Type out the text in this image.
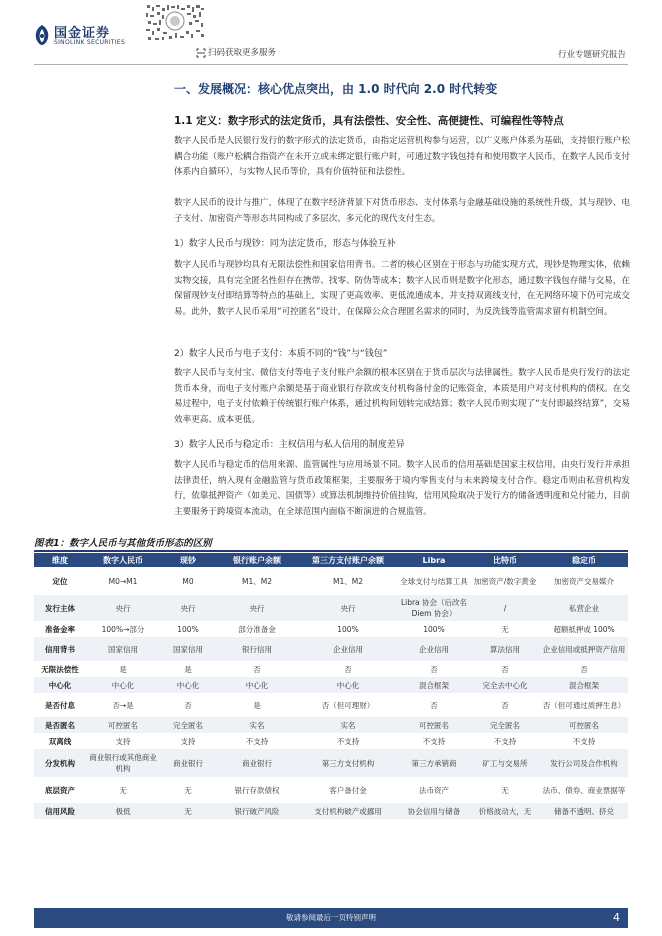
国金证券
SINOLINK SECURITIES
扫码获取更多服务	行业专题研究报告
一、发展概况：核心优点突出，由 1.0 时代向 2.0 时代转变
1.1 定义：数字形式的法定货币，具有法偿性、安全性、高便捷性、可编程性等特点

数字人民币是人民银行发行的数字形式的法定货币，由指定运营机构参与运营，以广义账户体系为基础，支持银行账户松耦合功能（账户松耦合指资产在未开立或未绑定银行账户时，可通过数字钱包持有和使用数字人民币，在数字人民币支付体系内自循环），与实物人民币等价，具有价值特征和法偿性。

数字人民币的设计与推广，体现了在数字经济背景下对货币形态、支付体系与金融基础设施的系统性升级，其与现钞、电子支付、加密资产等形态共同构成了多层次、多元化的现代支付生态。

1）数字人民币与现钞：同为法定货币，形态与体验互补

数字人民币与现钞均具有无限法偿性和国家信用背书。二者的核心区别在于形态与功能实现方式，现钞是物理实体，依赖实物交接，具有完全匿名性但存在携带、找零、防伪等成本；数字人民币则是数字化形态，通过数字钱包存储与交易，在保留现钞支付即结算等特点的基础上，实现了更高效率、更低流通成本，并支持双离线支付，在无网络环境下仍可完成交易。此外，数字人民币采用“可控匿名”设计，在保障公众合理匿名需求的同时，为反洗钱等监管需求留有机制空间。

2）数字人民币与电子支付：本质不同的“钱”与“钱包”

数字人民币与支付宝、微信支付等电子支付账户余额的根本区别在于货币层次与法律属性。数字人民币是央行发行的法定货币本身，而电子支付账户余额是基于商业银行存款或支付机构备付金的记账资金，本质是用户对支付机构的债权。在交易过程中，电子支付依赖于传统银行账户体系，通过机构间划转完成结算；数字人民币则实现了“支付即最终结算”，交易效率更高、成本更低。

3）数字人民币与稳定币：主权信用与私人信用的制度差异

数字人民币与稳定币的信用来源、监管属性与应用场景不同。数字人民币的信用基础是国家主权信用，由央行发行并承担法律责任，纳入现有金融监管与货币政策框架，主要服务于境内零售支付与未来跨境支付合作。稳定币则由私营机构发行，依靠抵押资产（如美元、国债等）或算法机制维持价值挂钩，信用风险取决于发行方的储备透明度和兑付能力，目前主要服务于跨境资本流动，在全球范围内面临不断演进的合规监管。

图表1：数字人民币与其他货币形态的区别
维度	数字人民币	现钞	银行账户余额	第三方支付账户余额	Libra	比特币	稳定币
定位	M0→M1	M0	M1、M2	M1、M2	全球支付与结算工具	加密资产/数字黄金	加密资产交易媒介
发行主体	央行	央行	央行	央行	Libra 协会（后改名 Diem 协会）	/	私营企业
准备金率	100%→部分	100%	部分准备金	100%	100%	无	超额抵押或 100%
信用背书	国家信用	国家信用	银行信用	企业信用	企业信用	算法信用	企业信用或抵押资产信用
无限法偿性	是	是	否	否	否	否	否
中心化	中心化	中心化	中心化	中心化	混合框架	完全去中心化	混合框架
是否付息	否→是	否	是	否（但可理财）	否	否	否（但可通过质押生息）
是否匿名	可控匿名	完全匿名	实名	实名	可控匿名	完全匿名	可控匿名
双离线	支持	支持	不支持	不支持	不支持	不支持	不支持
分发机构	商业银行或其他商业机构	商业银行	商业银行	第三方支付机构	第三方承销商	矿工与交易所	发行公司及合作机构
底层资产	无	无	银行存款债权	客户备付金	法币资产	无	法币、债券、商业票据等
信用风险	极低	无	银行破产风险	支付机构破产或挪用	协会信用与储备	价格波动大，无	储备不透明、挤兑
敬请参阅最后一页特别声明	4
